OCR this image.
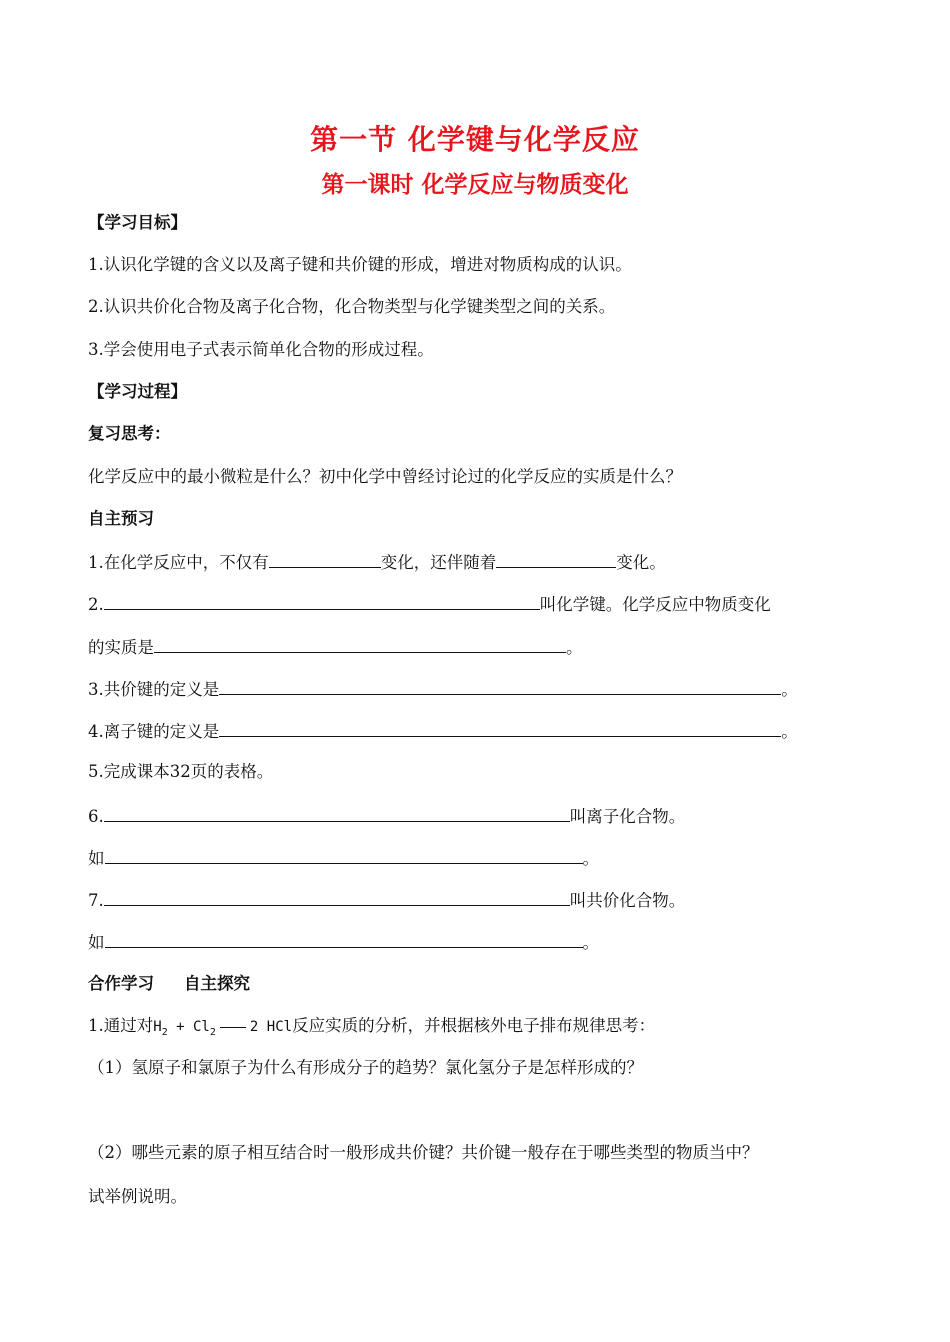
第一节 化学键与化学反应
第一课时 化学反应与物质变化
【学习目标】
1.认识化学键的含义以及离子键和共价键的形成，增进对物质构成的认识。
2.认识共价化合物及离子化合物，化合物类型与化学键类型之间的关系。
3.学会使用电子式表示简单化合物的形成过程。
【学习过程】
复习思考：
化学反应中的最小微粒是什么？初中化学中曾经讨论过的化学反应的实质是什么？
自主预习
1.在化学反应中，不仅有	变化，还伴随着	变化。
2.	叫化学键。化学反应中物质变化
的实质是	。
3.共价键的定义是	。
4.离子键的定义是	。
5.完成课本32页的表格。
6.	叫离子化合物。
如	。
7.	叫共价化合物。
如	。
合作学习 自主探究
1.通过对$H_2 + Cl_2$ 2 HCl反应实质的分析，并根据核外电子排布规律思考：
（1）氢原子和氯原子为什么有形成分子的趋势？氯化氢分子是怎样形成的？
（2）哪些元素的原子相互结合时一般形成共价键？共价键一般存在于哪些类型的物质当中？
试举例说明。
